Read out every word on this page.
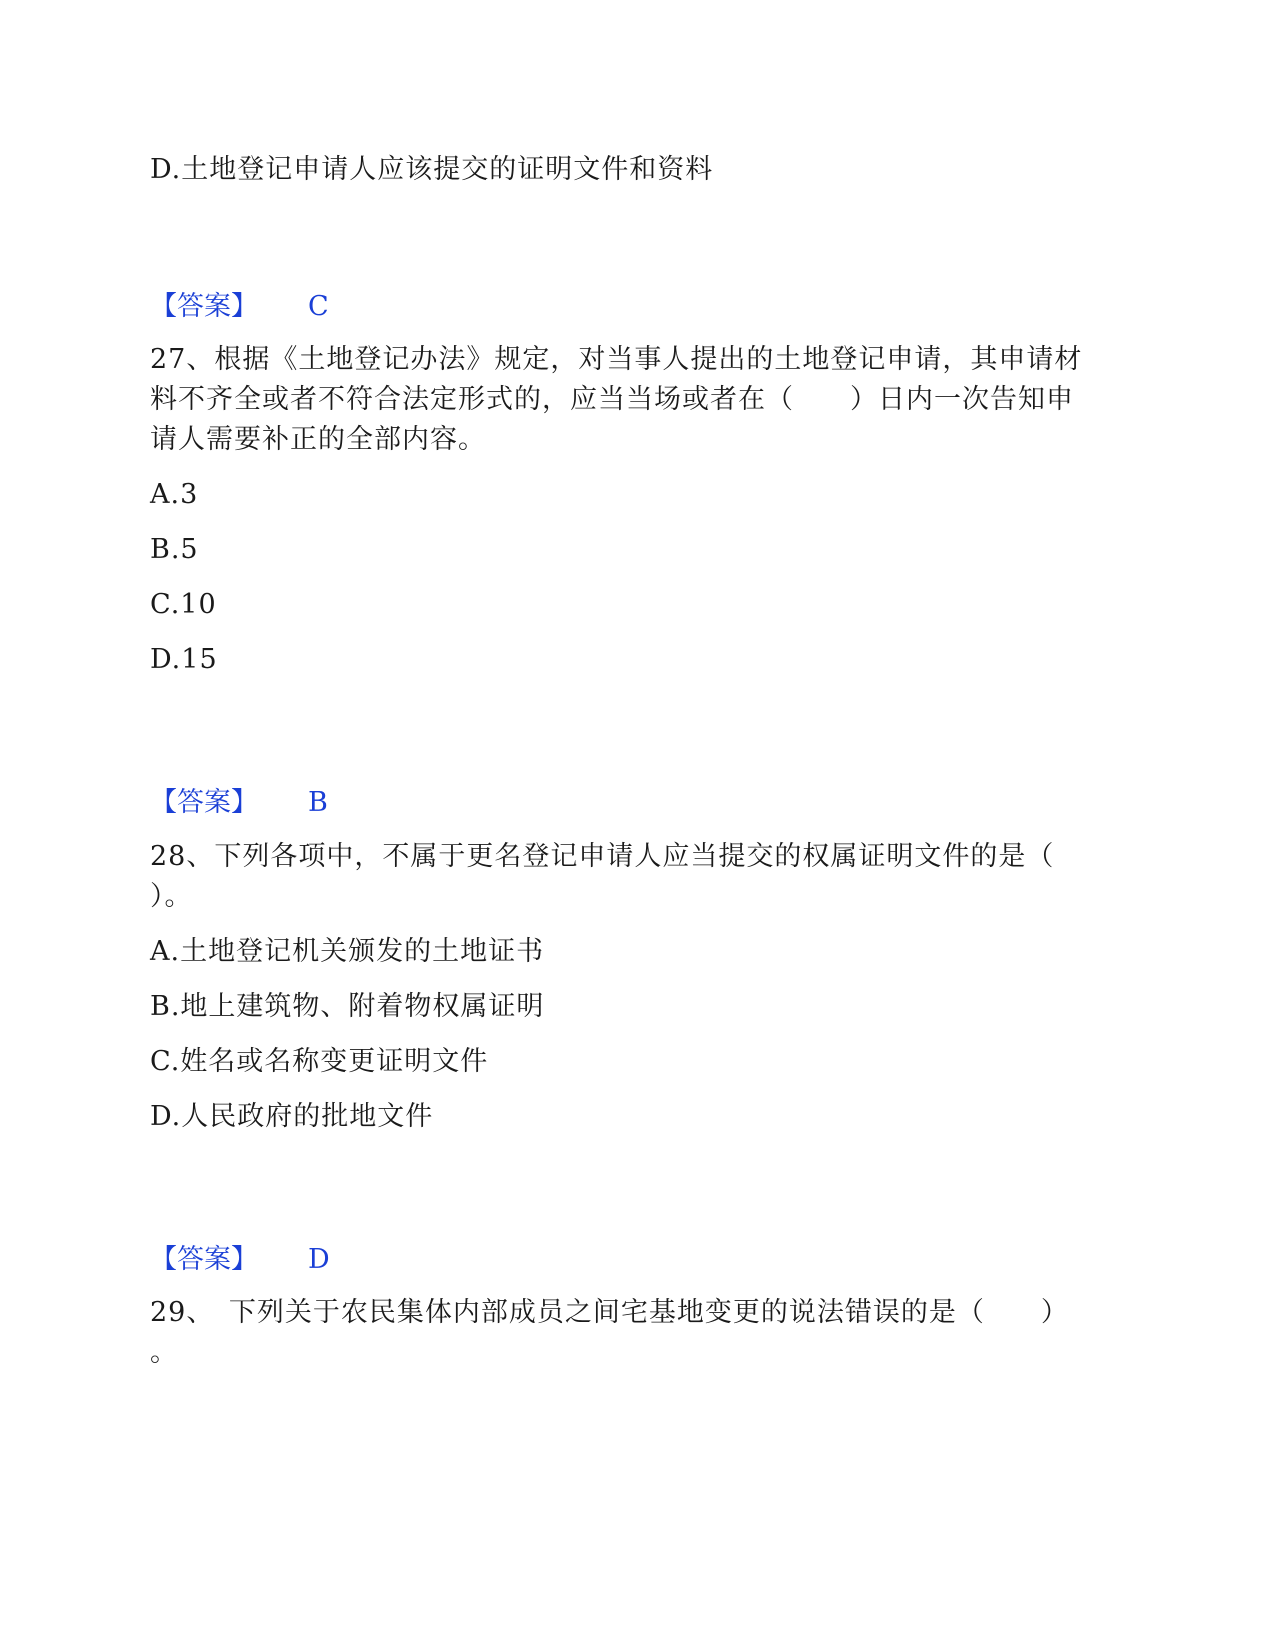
D.土地登记申请人应该提交的证明文件和资料
【答案】 C
27、根据《土地登记办法》规定，对当事人提出的土地登记申请，其申请材
料不齐全或者不符合法定形式的，应当当场或者在（　　）日内一次告知申
请人需要补正的全部内容。
A.3
B.5
C.10
D.15
【答案】 B
28、下列各项中，不属于更名登记申请人应当提交的权属证明文件的是（
）。
A.土地登记机关颁发的土地证书
B.地上建筑物、附着物权属证明
C.姓名或名称变更证明文件
D.人民政府的批地文件
【答案】 D
29、　下列关于农民集体内部成员之间宅基地变更的说法错误的是（　　）
。
